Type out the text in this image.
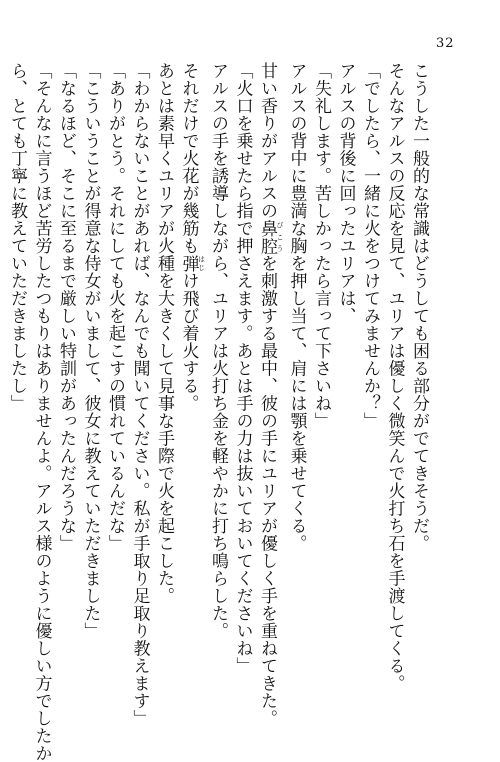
32
こうした一般的な常識はどうしても困る部分がでてきそうだ。
そんなアルスの反応を見て、ユリアは優しく微笑んで火打ち石を手渡してくる。
「でしたら、一緒に火をつけてみませんか？」
アルスの背後に回ったユリアは、
「失礼します。苦しかったら言って下さいね」
アルスの背中に豊満な胸を押し当て、肩には顎を乗せてくる。
甘い香りがアルスの鼻腔 びこうを刺激する最中、彼の手にユリアが優しく手を重ねてきた。
「火口を乗せたら指で押さえます。あとは手の力は抜いておいてくださいね」
アルスの手を誘導しながら、ユリアは火打ち金を軽やかに打ち鳴らした。
それだけで火花が幾筋も弾 はじけ飛び着火する。
あとは素早くユリアが火種を大きくして見事な手際で火を起こした。
「わからないことがあれば、なんでも聞いてください。私が手取り足取り教えます」
「ありがとう。それにしても火を起こすの慣れているんだな」
「こういうことが得意な侍女がいまして、彼女に教えていただきました」
「なるほど、そこに至るまで厳しい特訓があったんだろうな」
「そんなに言うほど苦労したつもりはありませんよ。アルス様のように優しい方でしたか
ら、とても丁寧に教えていただきましたし」
